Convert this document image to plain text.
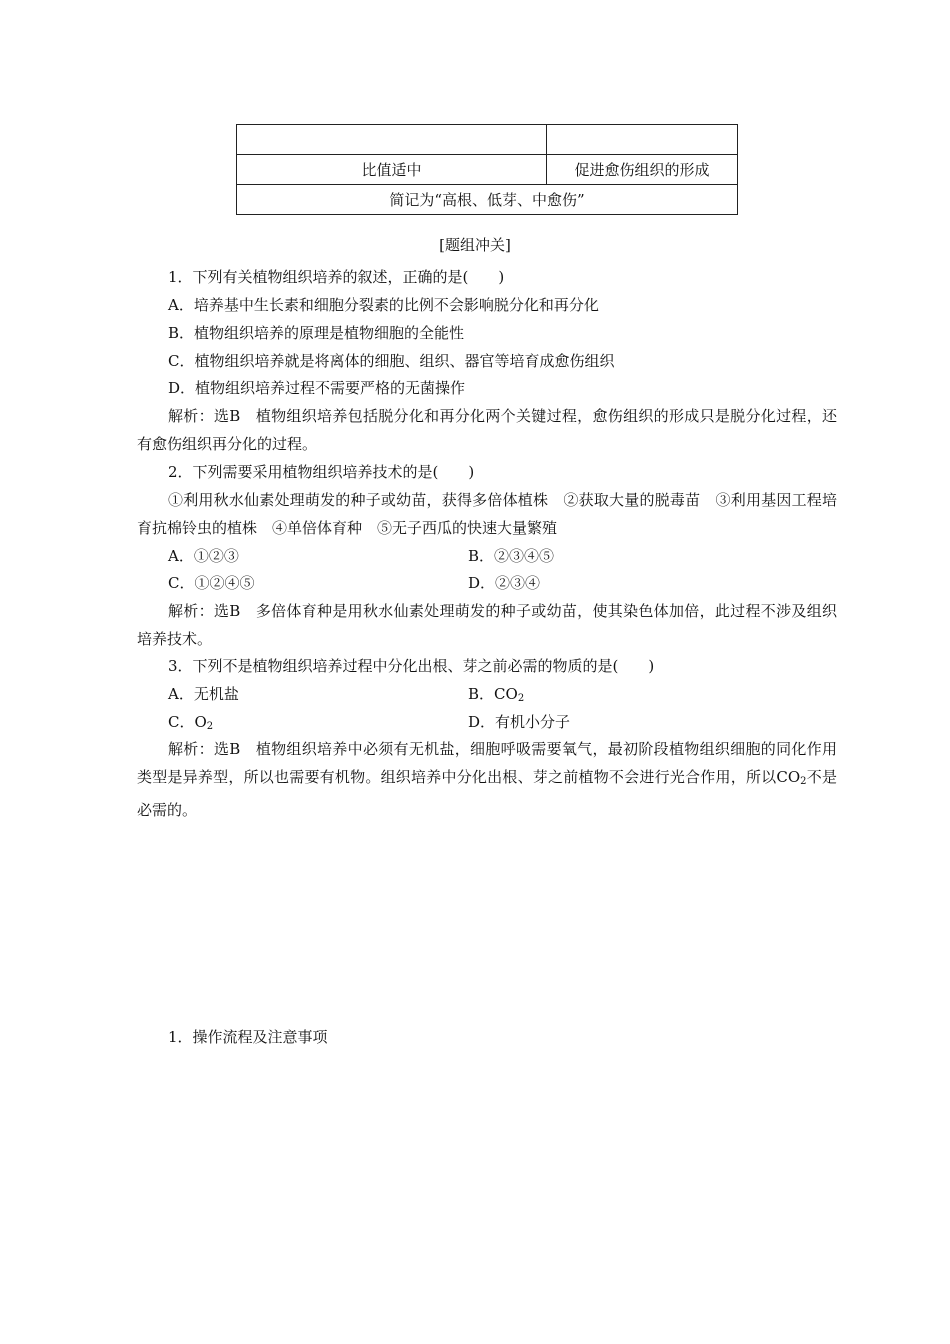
比值适中	促进愈伤组织的形成
简记为“高根、低芽、中愈伤”	
[题组冲关]
1．下列有关植物组织培养的叙述，正确的是(　　)
A．培养基中生长素和细胞分裂素的比例不会影响脱分化和再分化
B．植物组织培养的原理是植物细胞的全能性
C．植物组织培养就是将离体的细胞、组织、器官等培育成愈伤组织
D．植物组织培养过程不需要严格的无菌操作
解析：选B　植物组织培养包括脱分化和再分化两个关键过程，愈伤组织的形成只是脱分化过程，还有愈伤组织再分化的过程。
2．下列需要采用植物组织培养技术的是(　　)
①利用秋水仙素处理萌发的种子或幼苗，获得多倍体植株　②获取大量的脱毒苗　③利用基因工程培育抗棉铃虫的植株　④单倍体育种　⑤无子西瓜的快速大量繁殖
A．①②③	B．②③④⑤
C．①②④⑤	D．②③④
解析：选B　多倍体育种是用秋水仙素处理萌发的种子或幼苗，使其染色体加倍，此过程不涉及组织培养技术。
3．下列不是植物组织培养过程中分化出根、芽之前必需的物质的是(　　)
A．无机盐	B．$CO_2$
C．$O_2$	D．有机小分子
解析：选B　植物组织培养中必须有无机盐，细胞呼吸需要氧气，最初阶段植物组织细胞的同化作用类型是异养型，所以也需要有机物。组织培养中分化出根、芽之前植物不会进行光合作用，所以$CO_2$不是必需的。
1．操作流程及注意事项
